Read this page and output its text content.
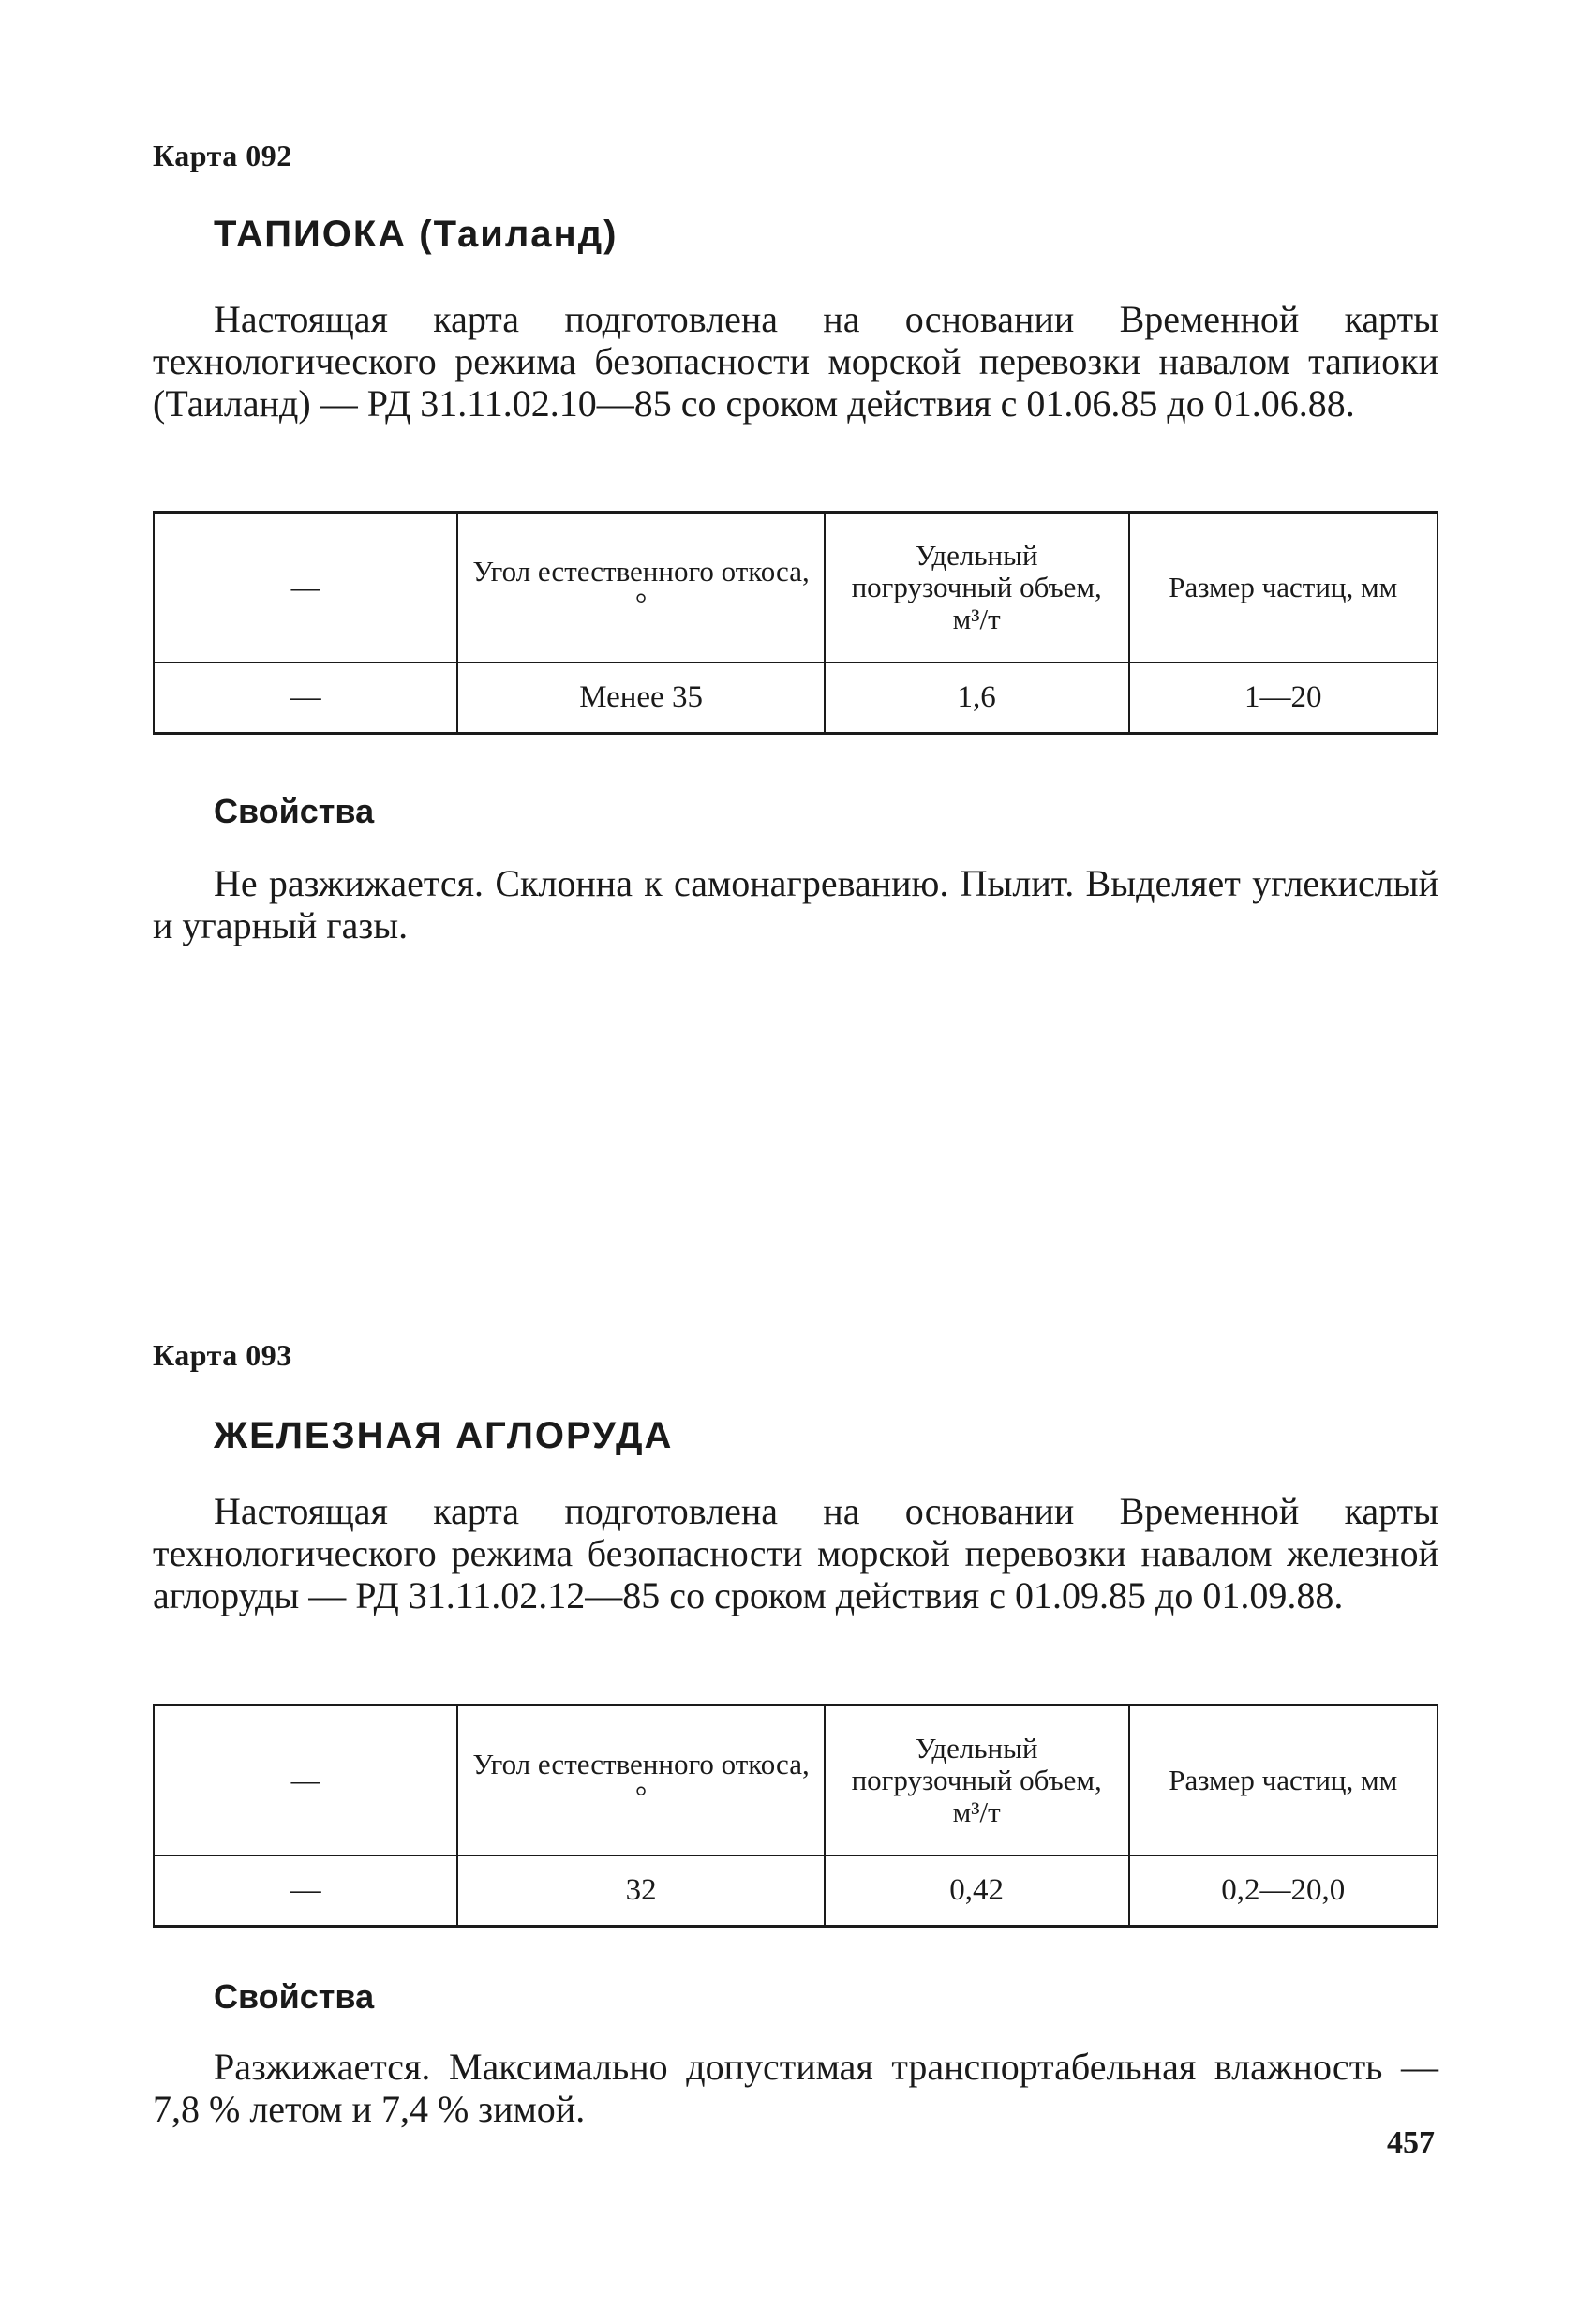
Карта 092
ТАПИОКА (Таиланд)

Настоящая карта подготовлена на основании Временной карты технологического режима безопасности морской перевозки навалом тапиоки (Таиланд) — РД 31.11.02.10—85 со сроком действия с 01.06.85 до 01.06.88.

—	Угол естественного откоса, °	Удельный погрузочный объем, м³/т	Размер частиц, мм
—	Менее 35	1,6	1—20
Свойства

Не разжижается. Склонна к самонагреванию. Пылит. Выделяет углекислый и угарный газы.

Карта 093
ЖЕЛЕЗНАЯ АГЛОРУДА

Настоящая карта подготовлена на основании Временной карты технологического режима безопасности морской перевозки навалом железной аглоруды — РД 31.11.02.12—85 со сроком действия с 01.09.85 до 01.09.88.

—	Угол естественного откоса, °	Удельный погрузочный объем, м³/т	Размер частиц, мм
—	32	0,42	0,2—20,0
Свойства

Разжижается. Максимально допустимая транспортабельная влажность — 7,8 % летом и 7,4 % зимой.

457
